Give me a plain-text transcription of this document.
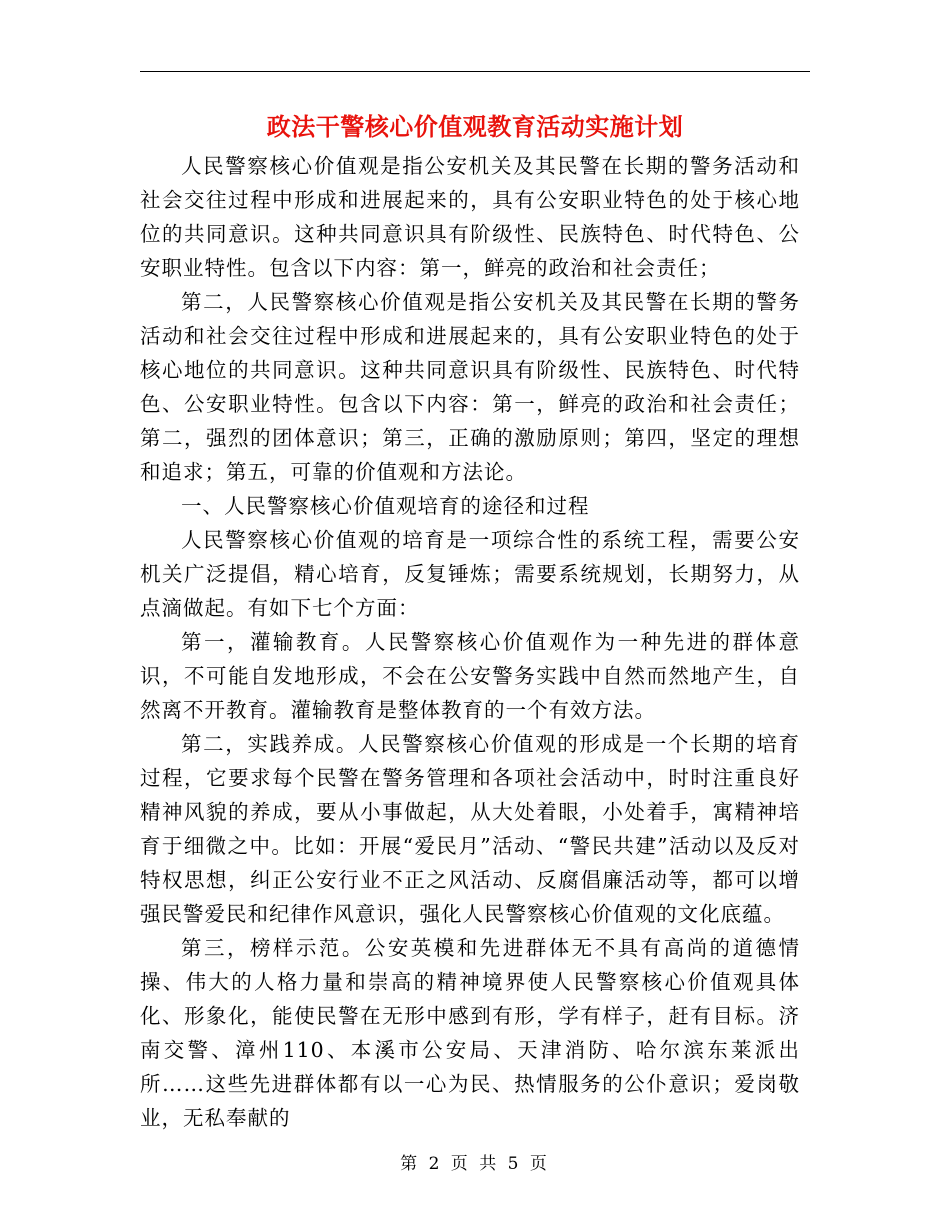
政法干警核心价值观教育活动实施计划

人民警察核心价值观是指公安机关及其民警在长期的警务活动和社会交往过程中形成和进展起来的，具有公安职业特色的处于核心地位的共同意识。这种共同意识具有阶级性、民族特色、时代特色、公安职业特性。包含以下内容：第一，鲜亮的政治和社会责任；

第二，人民警察核心价值观是指公安机关及其民警在长期的警务活动和社会交往过程中形成和进展起来的，具有公安职业特色的处于核心地位的共同意识。这种共同意识具有阶级性、民族特色、时代特色、公安职业特性。包含以下内容：第一，鲜亮的政治和社会责任；第二，强烈的团体意识；第三，正确的激励原则；第四，坚定的理想和追求；第五，可靠的价值观和方法论。

一、人民警察核心价值观培育的途径和过程

人民警察核心价值观的培育是一项综合性的系统工程，需要公安机关广泛提倡，精心培育，反复锤炼；需要系统规划，长期努力，从点滴做起。有如下七个方面：

第一，灌输教育。人民警察核心价值观作为一种先进的群体意识，不可能自发地形成，不会在公安警务实践中自然而然地产生，自然离不开教育。灌输教育是整体教育的一个有效方法。

第二，实践养成。人民警察核心价值观的形成是一个长期的培育过程，它要求每个民警在警务管理和各项社会活动中，时时注重良好精神风貌的养成，要从小事做起，从大处着眼，小处着手，寓精神培育于细微之中。比如：开展“爱民月”活动、“警民共建”活动以及反对特权思想，纠正公安行业不正之风活动、反腐倡廉活动等，都可以增强民警爱民和纪律作风意识，强化人民警察核心价值观的文化底蕴。

第三，榜样示范。公安英模和先进群体无不具有高尚的道德情操、伟大的人格力量和崇高的精神境界使人民警察核心价值观具体化、形象化，能使民警在无形中感到有形，学有样子，赶有目标。济南交警、漳州110、本溪市公安局、天津消防、哈尔滨东莱派出所……这些先进群体都有以一心为民、热情服务的公仆意识；爱岗敬业，无私奉献的

第 2 页 共 5 页
